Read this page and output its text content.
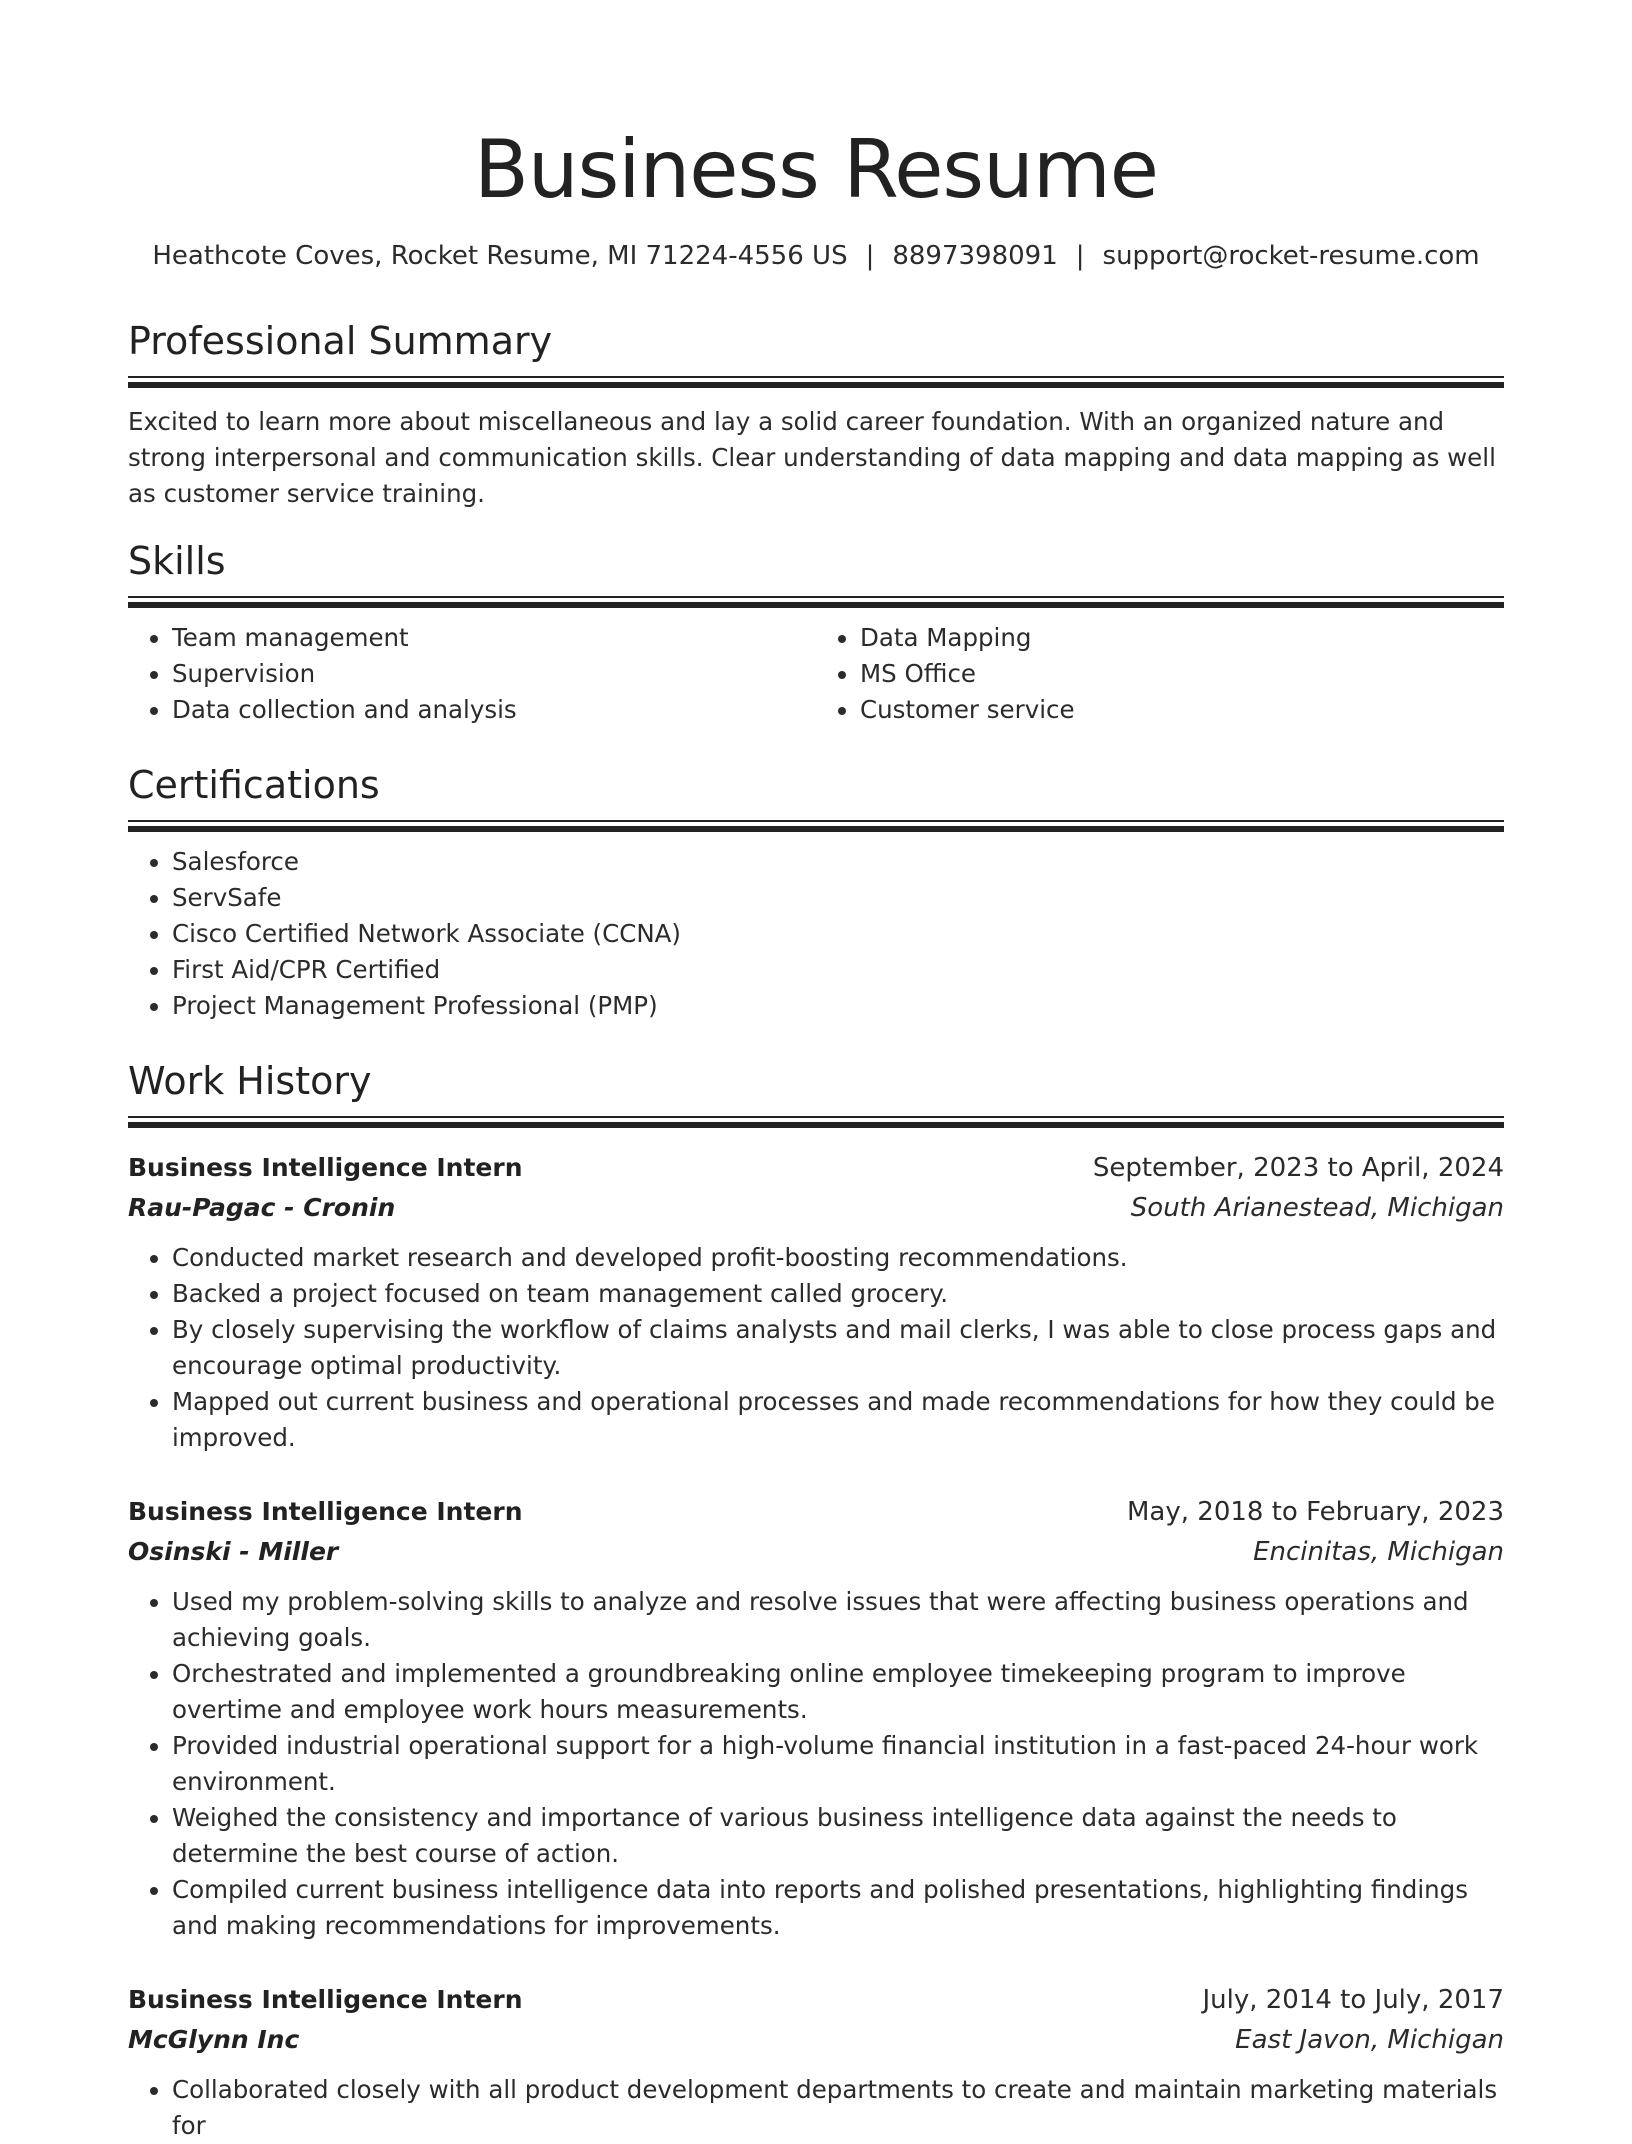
Business Resume
Heathcote Coves, Rocket Resume, MI 71224-4556 US | 8897398091 | support@rocket-resume.com
Professional Summary
Excited to learn more about miscellaneous and lay a solid career foundation. With an organized nature and strong interpersonal and communication skills. Clear understanding of data mapping and data mapping as well as customer service training.
Skills
• Team management
• Supervision
• Data collection and analysis
• Data Mapping
• MS Office
• Customer service
Certifications
• Salesforce
• ServSafe
• Cisco Certified Network Associate (CCNA)
• First Aid/CPR Certified
• Project Management Professional (PMP)
Work History
Business Intelligence Intern	September, 2023 to April, 2024
Rau-Pagac - Cronin	South Arianestead, Michigan
• Conducted market research and developed profit-boosting recommendations.
• Backed a project focused on team management called grocery.
• By closely supervising the workflow of claims analysts and mail clerks, I was able to close process gaps and encourage optimal productivity.
• Mapped out current business and operational processes and made recommendations for how they could be improved.
Business Intelligence Intern	May, 2018 to February, 2023
Osinski - Miller	Encinitas, Michigan
• Used my problem-solving skills to analyze and resolve issues that were affecting business operations and achieving goals.
• Orchestrated and implemented a groundbreaking online employee timekeeping program to improve overtime and employee work hours measurements.
• Provided industrial operational support for a high-volume financial institution in a fast-paced 24-hour work environment.
• Weighed the consistency and importance of various business intelligence data against the needs to determine the best course of action.
• Compiled current business intelligence data into reports and polished presentations, highlighting findings and making recommendations for improvements.
Business Intelligence Intern	July, 2014 to July, 2017
McGlynn Inc	East Javon, Michigan
• Collaborated closely with all product development departments to create and maintain marketing materials for
